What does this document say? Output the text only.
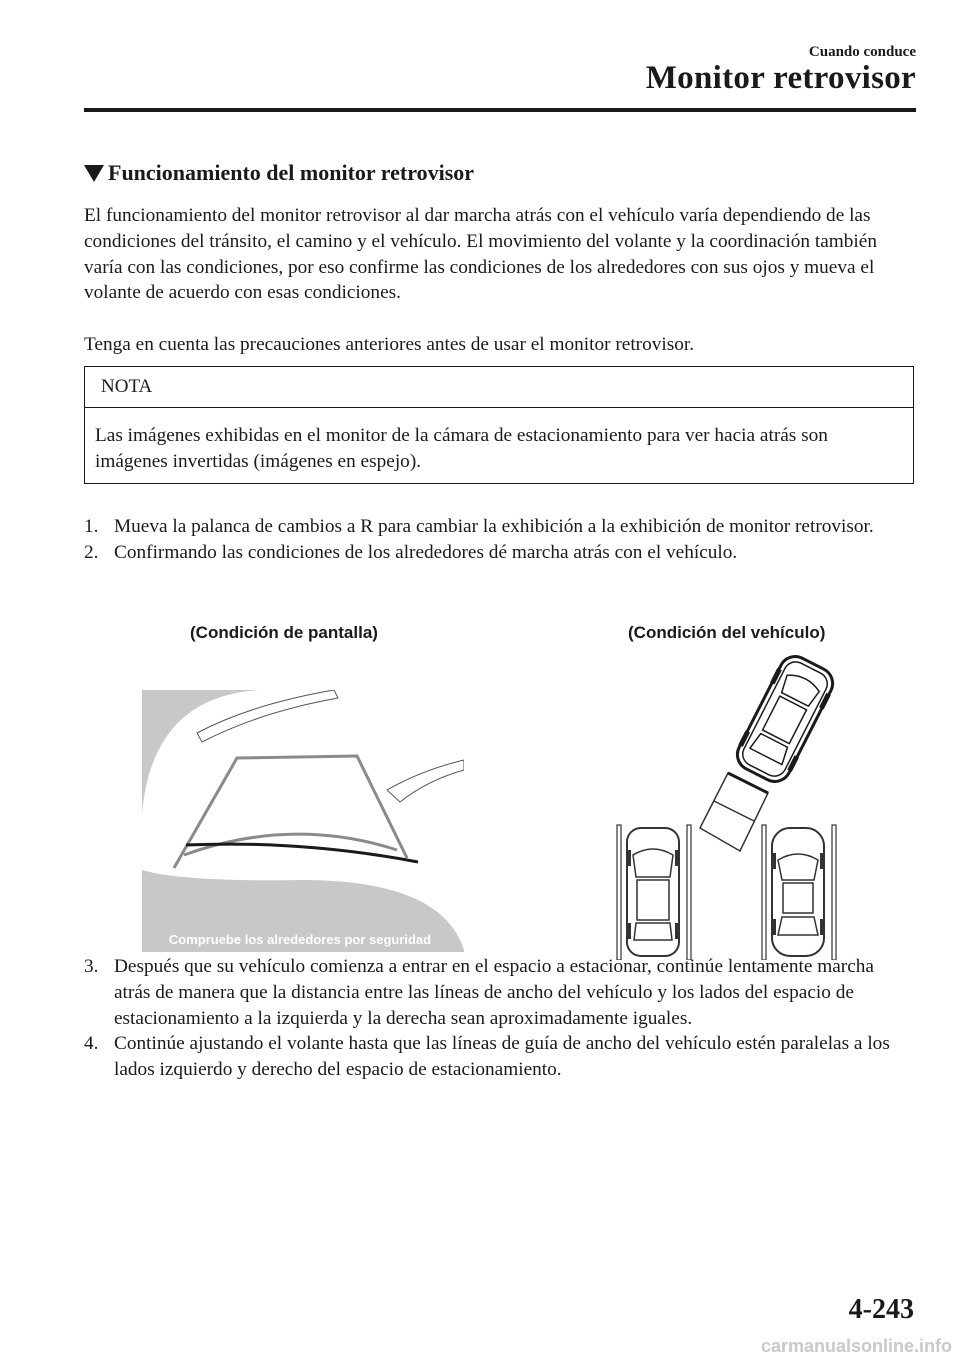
Cuando conduce
Monitor retrovisor
Funcionamiento del monitor retrovisor
El funcionamiento del monitor retrovisor al dar marcha atrás con el vehículo varía dependiendo de las condiciones del tránsito, el camino y el vehículo. El movimiento del volante y la coordinación también varía con las condiciones, por eso confirme las condiciones de los alrededores con sus ojos y mueva el volante de acuerdo con esas condiciones.
Tenga en cuenta las precauciones anteriores antes de usar el monitor retrovisor.
NOTA
Las imágenes exhibidas en el monitor de la cámara de estacionamiento para ver hacia atrás son imágenes invertidas (imágenes en espejo).
1. Mueva la palanca de cambios a R para cambiar la exhibición a la exhibición de monitor retrovisor.
2. Confirmando las condiciones de los alrededores dé marcha atrás con el vehículo.
(Condición de pantalla)	(Condición del vehículo)
Compruebe los alrededores por seguridad
3. Después que su vehículo comienza a entrar en el espacio a estacionar, continúe lentamente marcha atrás de manera que la distancia entre las líneas de ancho del vehículo y los lados del espacio de estacionamiento a la izquierda y la derecha sean aproximadamente iguales.
4. Continúe ajustando el volante hasta que las líneas de guía de ancho del vehículo estén paralelas a los lados izquierdo y derecho del espacio de estacionamiento.
4-243
carmanualsonline.info
